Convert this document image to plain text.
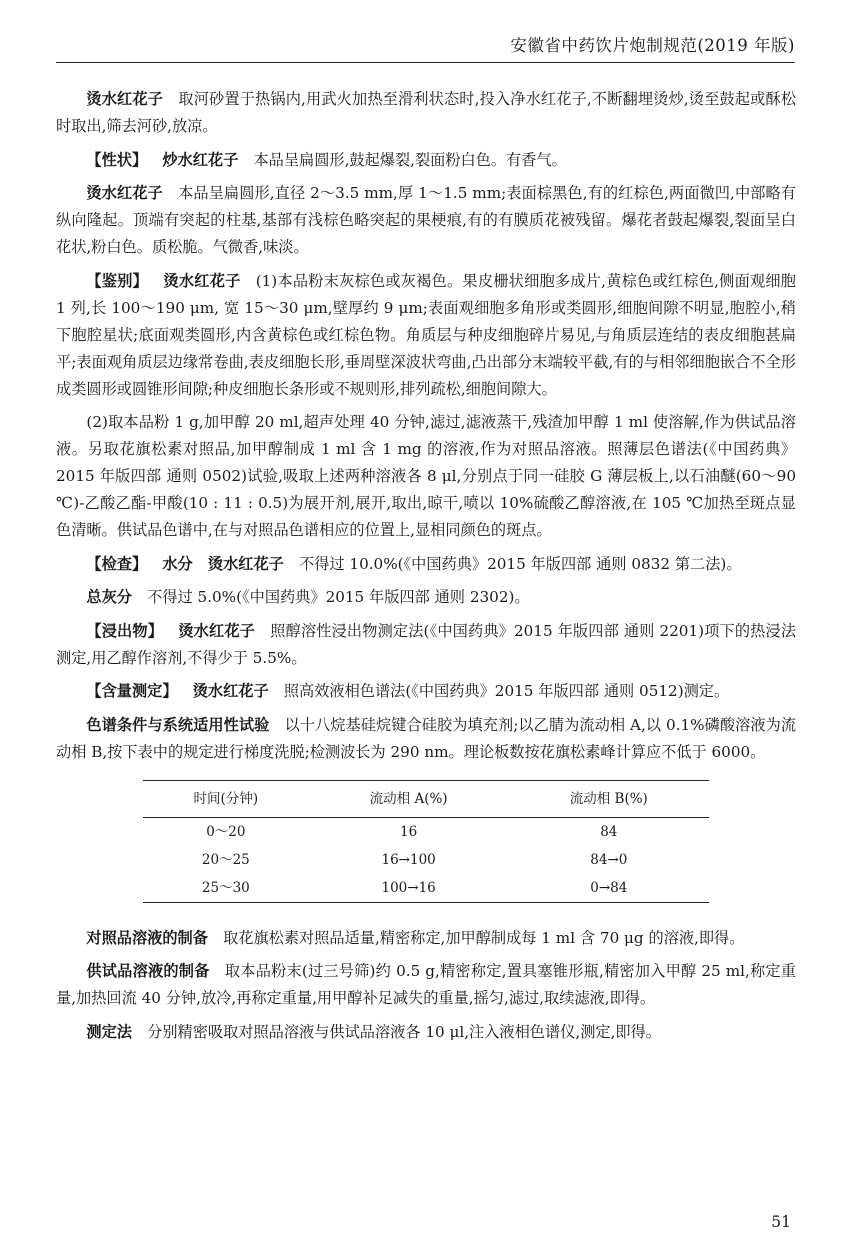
安徽省中药饮片炮制规范(2019 年版)

烫水红花子 取河砂置于热锅内,用武火加热至滑利状态时,投入净水红花子,不断翻埋烫炒,烫至鼓起或酥松时取出,筛去河砂,放凉。

【性状】 炒水红花子 本品呈扁圆形,鼓起爆裂,裂面粉白色。有香气。

烫水红花子 本品呈扁圆形,直径 2～3.5 mm,厚 1～1.5 mm;表面棕黑色,有的红棕色,两面微凹,中部略有纵向隆起。顶端有突起的柱基,基部有浅棕色略突起的果梗痕,有的有膜质花被残留。爆花者鼓起爆裂,裂面呈白花状,粉白色。质松脆。气微香,味淡。

【鉴别】 烫水红花子 (1)本品粉末灰棕色或灰褐色。果皮栅状细胞多成片,黄棕色或红棕色,侧面观细胞 1 列,长 100～190 μm, 宽 15～30 μm,壁厚约 9 μm;表面观细胞多角形或类圆形,细胞间隙不明显,胞腔小,稍下胞腔星状;底面观类圆形,内含黄棕色或红棕色物。角质层与种皮细胞碎片易见,与角质层连结的表皮细胞甚扁平;表面观角质层边缘常卷曲,表皮细胞长形,垂周壁深波状弯曲,凸出部分末端较平截,有的与相邻细胞嵌合不全形成类圆形或圆锥形间隙;种皮细胞长条形或不规则形,排列疏松,细胞间隙大。

(2)取本品粉 1 g,加甲醇 20 ml,超声处理 40 分钟,滤过,滤液蒸干,残渣加甲醇 1 ml 使溶解,作为供试品溶液。另取花旗松素对照品,加甲醇制成 1 ml 含 1 mg 的溶液,作为对照品溶液。照薄层色谱法(《中国药典》2015 年版四部 通则 0502)试验,吸取上述两种溶液各 8 μl,分别点于同一硅胶 G 薄层板上,以石油醚(60～90 ℃)-乙酸乙酯-甲酸(10 : 11 : 0.5)为展开剂,展开,取出,晾干,喷以 10%硫酸乙醇溶液,在 105 ℃加热至斑点显色清晰。供试品色谱中,在与对照品色谱相应的位置上,显相同颜色的斑点。

【检查】 水分 烫水红花子 不得过 10.0%(《中国药典》2015 年版四部 通则 0832 第二法)。

总灰分 不得过 5.0%(《中国药典》2015 年版四部 通则 2302)。

【浸出物】 烫水红花子 照醇溶性浸出物测定法(《中国药典》2015 年版四部 通则 2201)项下的热浸法测定,用乙醇作溶剂,不得少于 5.5%。

【含量测定】 烫水红花子 照高效液相色谱法(《中国药典》2015 年版四部 通则 0512)测定。

色谱条件与系统适用性试验 以十八烷基硅烷键合硅胶为填充剂;以乙腈为流动相 A,以 0.1%磷酸溶液为流动相 B,按下表中的规定进行梯度洗脱;检测波长为 290 nm。理论板数按花旗松素峰计算应不低于 6000。

时间(分钟)	流动相 A(%)	流动相 B(%)
0～20	16	84
20～25	16→100	84→0
25～30	100→16	0→84

对照品溶液的制备 取花旗松素对照品适量,精密称定,加甲醇制成每 1 ml 含 70 μg 的溶液,即得。

供试品溶液的制备 取本品粉末(过三号筛)约 0.5 g,精密称定,置具塞锥形瓶,精密加入甲醇 25 ml,称定重量,加热回流 40 分钟,放冷,再称定重量,用甲醇补足减失的重量,摇匀,滤过,取续滤液,即得。

测定法 分别精密吸取对照品溶液与供试品溶液各 10 μl,注入液相色谱仪,测定,即得。

51
